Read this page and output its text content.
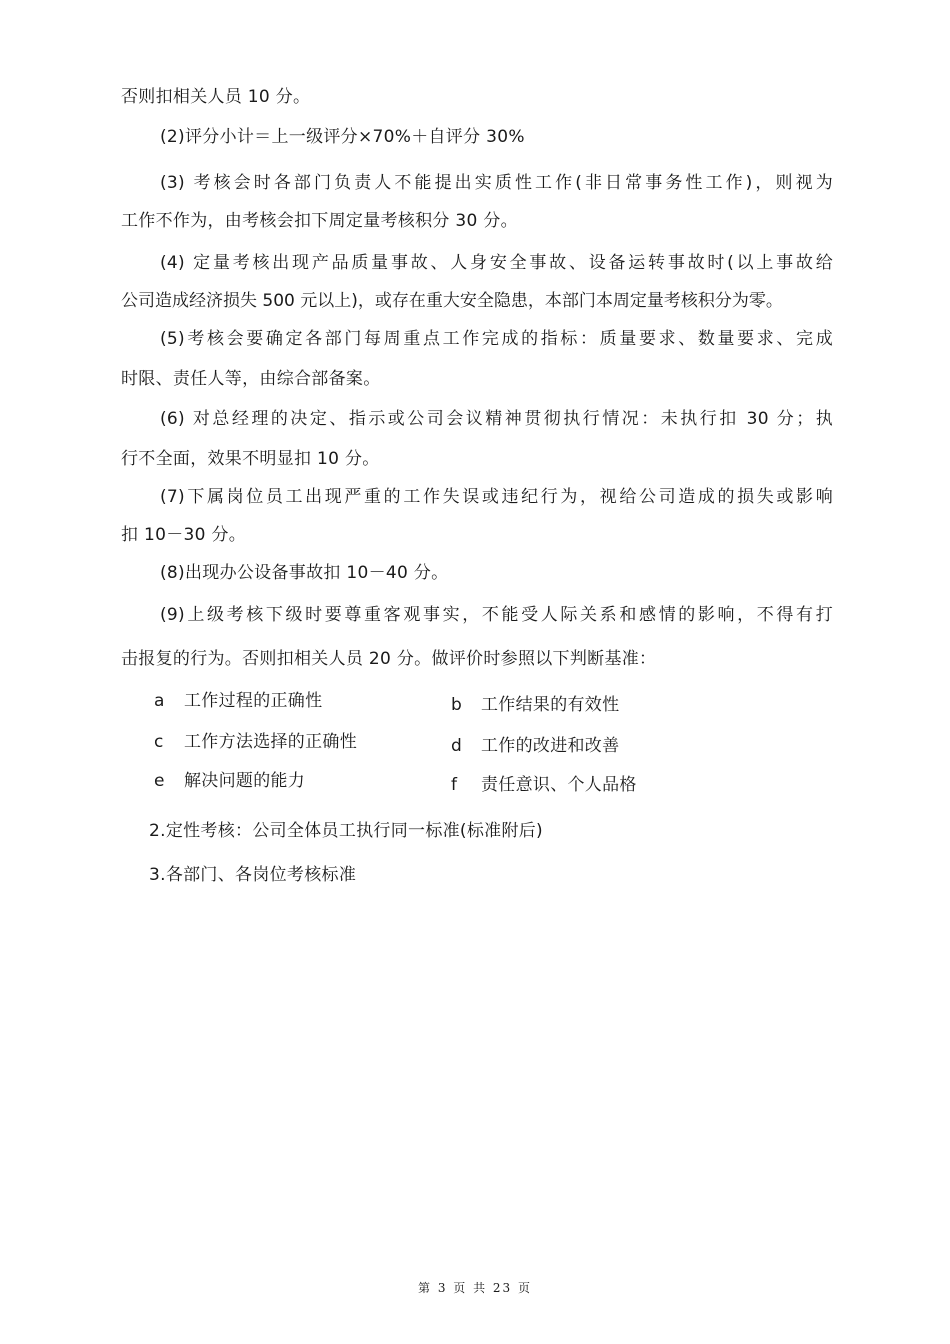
否则扣相关人员 10 分。
(2)评分小计＝上一级评分×70%＋自评分 30%
(3) 考核会时各部门负责人不能提出实质性工作(非日常事务性工作)，则视为
工作不作为，由考核会扣下周定量考核积分 30 分。
(4) 定量考核出现产品质量事故、人身安全事故、设备运转事故时(以上事故给
公司造成经济损失 500 元以上)，或存在重大安全隐患，本部门本周定量考核积分为零。
(5)考核会要确定各部门每周重点工作完成的指标：质量要求、数量要求、完成
时限、责任人等，由综合部备案。
(6) 对总经理的决定、指示或公司会议精神贯彻执行情况：未执行扣 30 分；执
行不全面，效果不明显扣 10 分。
(7)下属岗位员工出现严重的工作失误或违纪行为，视给公司造成的损失或影响
扣 10－30 分。
(8)出现办公设备事故扣 10－40 分。
(9)上级考核下级时要尊重客观事实，不能受人际关系和感情的影响，不得有打
击报复的行为。否则扣相关人员 20 分。做评价时参照以下判断基准：
a 工作过程的正确性	b 工作结果的有效性
c 工作方法选择的正确性	d 工作的改进和改善
e 解决问题的能力	f 责任意识、个人品格
2.定性考核：公司全体员工执行同一标准(标准附后)
3.各部门、各岗位考核标准
第 3 页 共 23 页
